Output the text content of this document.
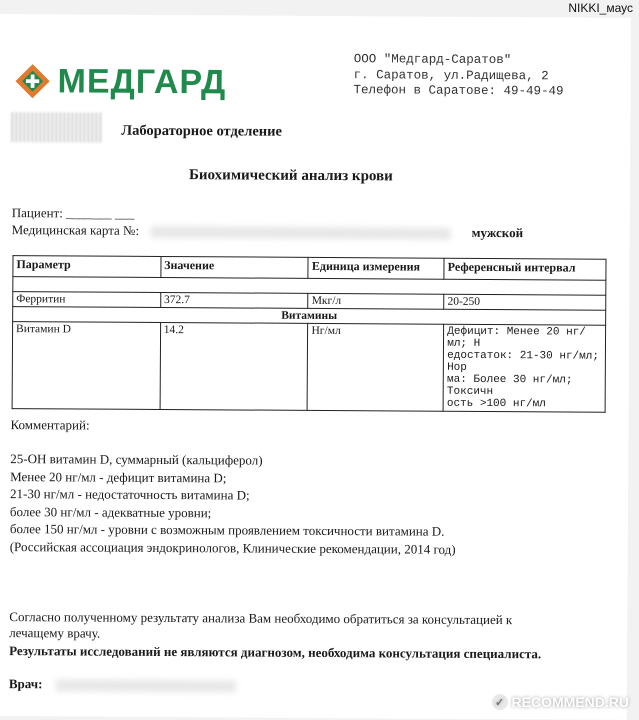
NIKKI_маус
МЕДГАРД
ООО "Медгард-Саратов"
г. Саратов, ул.Радищева, 2
Телефон в Саратове: 49-49-49
Лабораторное отделение
Биохимический анализ крови
Пациент: _______ ___
Медицинская карта №:	мужской
Параметр	Значение	Единица измерения	Референсный интервал

Ферритин	372.7	Мкг/л	20-250
Витамины			
Витамин D	14.2	Нг/мл	Дефицит: Менее 20 нг/мл; Н
едостаток: 21-30 нг/мл; Нор
ма: Более 30 нг/мл; Токсичн
ость >100 нг/мл
Комментарий:
25-ОН витамин D, суммарный (кальциферол)
Менее 20 нг/мл - дефицит витамина D;
21-30 нг/мл - недостаточность витамина D;
более 30 нг/мл - адекватные уровни;
более 150 нг/мл - уровни с возможным проявлением токсичности витамина D.
(Российская ассоциация эндокринологов, Клинические рекомендации, 2014 год)
Согласно полученному результату анализа Вам необходимо обратиться за консультацией к
лечащему врачу.
Результаты исследований не являются диагнозом, необходима консультация специалиста.
Врач:
✓ RECOMMEND.RU
